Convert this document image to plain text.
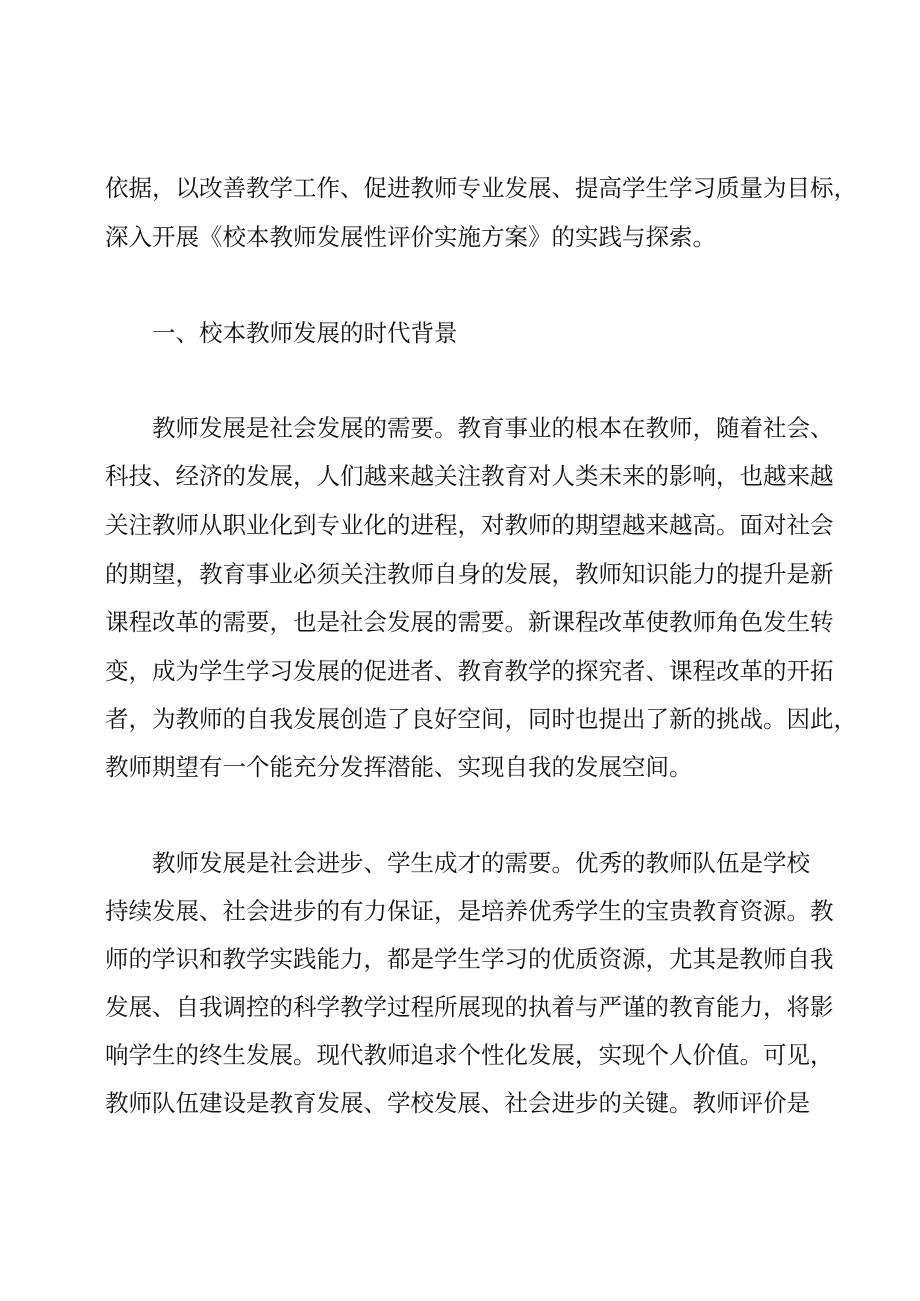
依据，以改善教学工作、促进教师专业发展、提高学生学习质量为目标，
深入开展《校本教师发展性评价实施方案》的实践与探索。
一、校本教师发展的时代背景
教师发展是社会发展的需要。教育事业的根本在教师，随着社会、
科技、经济的发展，人们越来越关注教育对人类未来的影响，也越来越
关注教师从职业化到专业化的进程，对教师的期望越来越高。面对社会
的期望，教育事业必须关注教师自身的发展，教师知识能力的提升是新
课程改革的需要，也是社会发展的需要。新课程改革使教师角色发生转
变，成为学生学习发展的促进者、教育教学的探究者、课程改革的开拓
者，为教师的自我发展创造了良好空间，同时也提出了新的挑战。因此，
教师期望有一个能充分发挥潜能、实现自我的发展空间。
教师发展是社会进步、学生成才的需要。优秀的教师队伍是学校
持续发展、社会进步的有力保证，是培养优秀学生的宝贵教育资源。教
师的学识和教学实践能力，都是学生学习的优质资源，尤其是教师自我
发展、自我调控的科学教学过程所展现的执着与严谨的教育能力，将影
响学生的终生发展。现代教师追求个性化发展，实现个人价值。可见，
教师队伍建设是教育发展、学校发展、社会进步的关键。教师评价是
